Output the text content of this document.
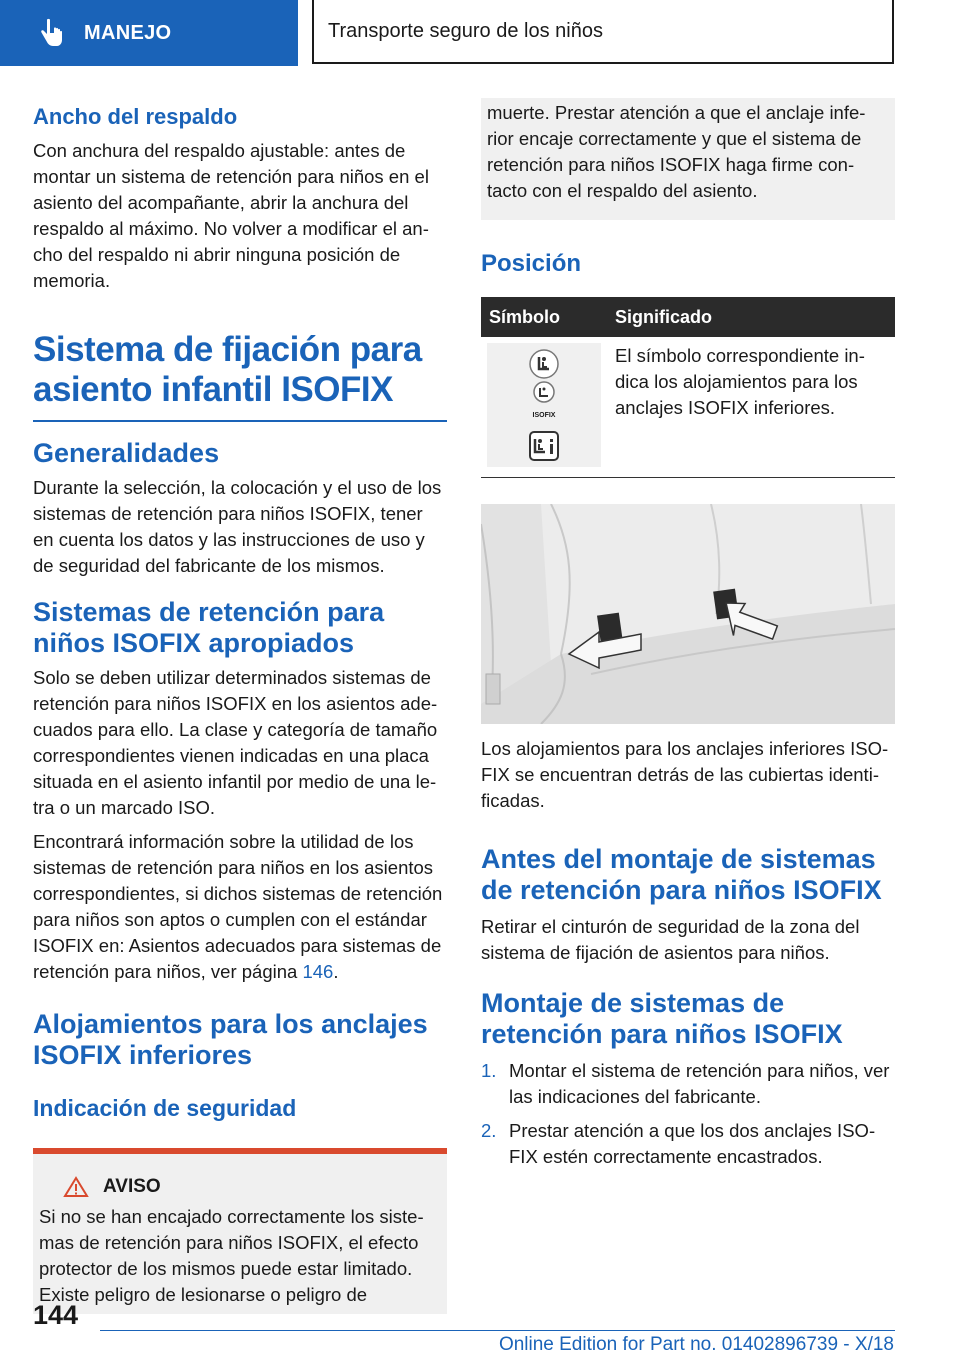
MANEJO	Transporte seguro de los niños
Ancho del respaldo

Con anchura del respaldo ajustable: antes de montar un sistema de retención para niños en el asiento del acompañante, abrir la anchura del respaldo al máximo. No volver a modificar el ancho del respaldo ni abrir ninguna posición de memoria.

Sistema de fijación para asiento infantil ISOFIX
Generalidades

Durante la selección, la colocación y el uso de los sistemas de retención para niños ISOFIX, tener en cuenta los datos y las instrucciones de uso y de seguridad del fabricante de los mismos.

Sistemas de retención para niños ISOFIX apropiados

Solo se deben utilizar determinados sistemas de retención para niños ISOFIX en los asientos adecuados para ello. La clase y categoría de tamaño correspondientes vienen indicadas en una placa situada en el asiento infantil por medio de una letra o un marcado ISO.

Encontrará información sobre la utilidad de los sistemas de retención para niños en los asientos correspondientes, si dichos sistemas de retención para niños son aptos o cumplen con el estándar ISOFIX en: Asientos adecuados para sistemas de retención para niños, ver página 146.

Alojamientos para los anclajes ISOFIX inferiores
Indicación de seguridad
AVISO

Si no se han encajado correctamente los sistemas de retención para niños ISOFIX, el efecto protector de los mismos puede estar limitado. Existe peligro de lesionarse o peligro de

muerte. Prestar atención a que el anclaje inferior encaje correctamente y que el sistema de retención para niños ISOFIX haga firme contacto con el respaldo del asiento.

Posición
Símbolo	Significado

ISOFIX	El símbolo correspondiente indica los alojamientos para los anclajes ISOFIX inferiores.

Los alojamientos para los anclajes inferiores ISOFIX se encuentran detrás de las cubiertas identificadas.

Antes del montaje de sistemas de retención para niños ISOFIX

Retirar el cinturón de seguridad de la zona del sistema de fijación de asientos para niños.

Montaje de sistemas de retención para niños ISOFIX
1. Montar el sistema de retención para niños, ver las indicaciones del fabricante.
2. Prestar atención a que los dos anclajes ISOFIX estén correctamente encastrados.
144
Online Edition for Part no. 01402896739 - X/18
